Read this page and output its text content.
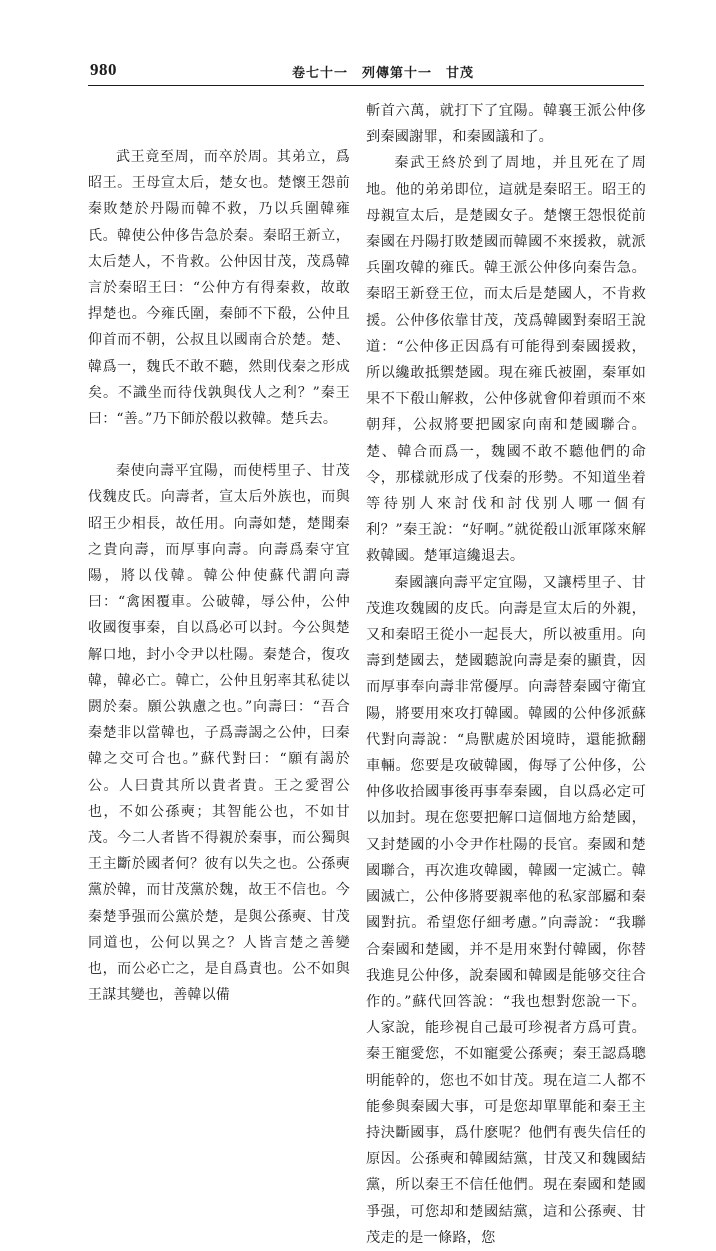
980	卷七十一　列傳第十一　甘茂

武王竟至周，而卒於周。其弟立，爲昭王。王母宣太后，楚女也。楚懷王怨前秦敗楚於丹陽而韓不救，乃以兵圍韓雍氏。韓使公仲侈告急於秦。秦昭王新立，太后楚人，不肯救。公仲因甘茂，茂爲韓言於秦昭王曰：“公仲方有得秦救，故敢捍楚也。今雍氏圍，秦師不下殽，公仲且仰首而不朝，公叔且以國南合於楚。楚、韓爲一，魏氏不敢不聽，然則伐秦之形成矣。不識坐而待伐孰與伐人之利？”秦王曰：“善。”乃下師於殽以救韓。楚兵去。

秦使向壽平宜陽，而使樗里子、甘茂伐魏皮氏。向壽者，宣太后外族也，而與昭王少相長，故任用。向壽如楚，楚聞秦之貴向壽，而厚事向壽。向壽爲秦守宜陽，將以伐韓。韓公仲使蘇代謂向壽曰：“禽困覆車。公破韓，辱公仲，公仲收國復事秦，自以爲必可以封。今公與楚解口地，封小令尹以杜陽。秦楚合，復攻韓，韓必亡。韓亡，公仲且躬率其私徒以閼於秦。願公孰慮之也。”向壽曰：“吾合秦楚非以當韓也，子爲壽謁之公仲，曰秦韓之交可合也。”蘇代對曰：“願有謁於公。人曰貴其所以貴者貴。王之愛習公也，不如公孫奭；其智能公也，不如甘茂。今二人者皆不得親於秦事，而公獨與王主斷於國者何？彼有以失之也。公孫奭黨於韓，而甘茂黨於魏，故王不信也。今秦楚爭强而公黨於楚，是與公孫奭、甘茂同道也，公何以異之？人皆言楚之善變也，而公必亡之，是自爲責也。公不如與王謀其變也，善韓以備

斬首六萬，就打下了宜陽。韓襄王派公仲侈到秦國謝罪，和秦國議和了。

秦武王終於到了周地，并且死在了周地。他的弟弟即位，這就是秦昭王。昭王的母親宣太后，是楚國女子。楚懷王怨恨從前秦國在丹陽打敗楚國而韓國不來援救，就派兵圍攻韓的雍氏。韓王派公仲侈向秦告急。秦昭王新登王位，而太后是楚國人，不肯救援。公仲侈依靠甘茂，茂爲韓國對秦昭王說道：“公仲侈正因爲有可能得到秦國援救，所以纔敢抵禦楚國。現在雍氏被圍，秦軍如果不下殽山解救，公仲侈就會仰着頭而不來朝拜，公叔將要把國家向南和楚國聯合。楚、韓合而爲一，魏國不敢不聽他們的命令，那樣就形成了伐秦的形勢。不知道坐着等待别人來討伐和討伐别人哪一個有利？”秦王說：“好啊。”就從殽山派軍隊來解救韓國。楚軍這纔退去。

秦國讓向壽平定宜陽，又讓樗里子、甘茂進攻魏國的皮氏。向壽是宣太后的外親，又和秦昭王從小一起長大，所以被重用。向壽到楚國去，楚國聽說向壽是秦的顯貴，因而厚事奉向壽非常優厚。向壽替秦國守衛宜陽，將要用來攻打韓國。韓國的公仲侈派蘇代對向壽說：“鳥獸處於困境時，還能掀翻車輛。您要是攻破韓國，侮辱了公仲侈，公仲侈收拾國事後再事奉秦國，自以爲必定可以加封。現在您要把解口這個地方給楚國，又封楚國的小令尹作杜陽的長官。秦國和楚國聯合，再次進攻韓國，韓國一定滅亡。韓國滅亡，公仲侈將要親率他的私家部屬和秦國對抗。希望您仔細考慮。”向壽說：“我聯合秦國和楚國，并不是用來對付韓國，你替我進見公仲侈，說秦國和韓國是能够交往合作的。”蘇代回答說：“我也想對您說一下。人家說，能珍視自己最可珍視者方爲可貴。秦王寵愛您，不如寵愛公孫奭；秦王認爲聰明能幹的，您也不如甘茂。現在這二人都不能參與秦國大事，可是您却單單能和秦王主持決斷國事，爲什麽呢？他們有喪失信任的原因。公孫奭和韓國結黨，甘茂又和魏國結黨，所以秦王不信任他們。現在秦國和楚國爭强，可您却和楚國結黨，這和公孫奭、甘茂走的是一條路，您
